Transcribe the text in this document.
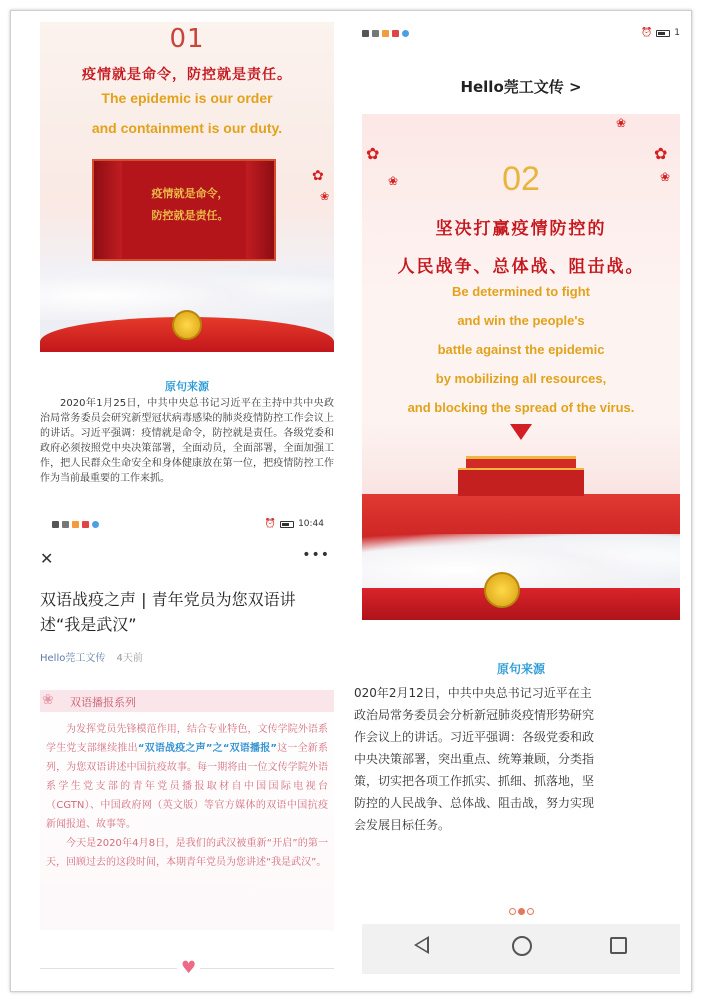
01
疫情就是命令，防控就是责任。
The epidemic is our order
and containment is our duty.
✿
❀
疫情就是命令，
防控就是责任。
原句来源
2020年1月25日，中共中央总书记习近平在主持中共中央政治局常务委员会研究新型冠状病毒感染的肺炎疫情防控工作会议上的讲话。习近平强调：疫情就是命令，防控就是责任。各级党委和政府必须按照党中央决策部署，全面动员，全面部署，全面加强工作，把人民群众生命安全和身体健康放在第一位，把疫情防控工作作为当前最重要的工作来抓。
⏰ 10:44
✕	•••
双语战疫之声 | 青年党员为您双语讲述“我是武汉”
Hello莞工文传 4天前
❀ 双语播报系列

为发挥党员先锋模范作用，结合专业特色，文传学院外语系学生党支部继续推出“双语战疫之声”之“双语播报”这一全新系列，为您双语讲述中国抗疫故事。每一期将由一位文传学院外语系学生党支部的青年党员播报取材自中国国际电视台（CGTN）、中国政府网（英文版）等官方媒体的双语中国抗疫新闻报道、故事等。

今天是2020年4月8日，是我们的武汉被重新“开启”的第一天，回顾过去的这段时间，本期青年党员为您讲述“我是武汉”。

♥
⏰ 1
Hello莞工文传 >
✿
❀
✿
❀
❀
02
坚决打赢疫情防控的
人民战争、总体战、阻击战。
Be determined to fight
and win the people's
battle against the epidemic
by mobilizing all resources,
and blocking the spread of the virus.
原句来源
020年2月12日，中共中央总书记习近平在主
政治局常务委员会分析新冠肺炎疫情形势研究
作会议上的讲话。习近平强调：各级党委和政
中央决策部署，突出重点、统筹兼顾，分类指
策，切实把各项工作抓实、抓细、抓落地，坚
防控的人民战争、总体战、阻击战，努力实现
会发展目标任务。
